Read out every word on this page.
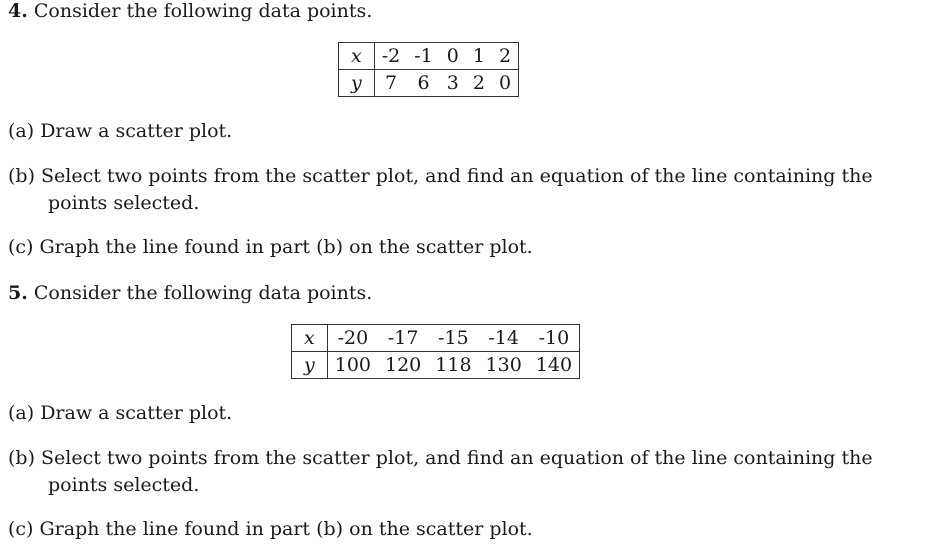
4. Consider the following data points.
x	-2	-1	0	1	2
y	7	6	3	2	0
(a) Draw a scatter plot.
(b) Select two points from the scatter plot, and find an equation of the line containing the
points selected.
(c) Graph the line found in part (b) on the scatter plot.
5. Consider the following data points.
x	-20	-17	-15	-14	-10
y	100	120	118	130	140
(a) Draw a scatter plot.
(b) Select two points from the scatter plot, and find an equation of the line containing the
points selected.
(c) Graph the line found in part (b) on the scatter plot.
